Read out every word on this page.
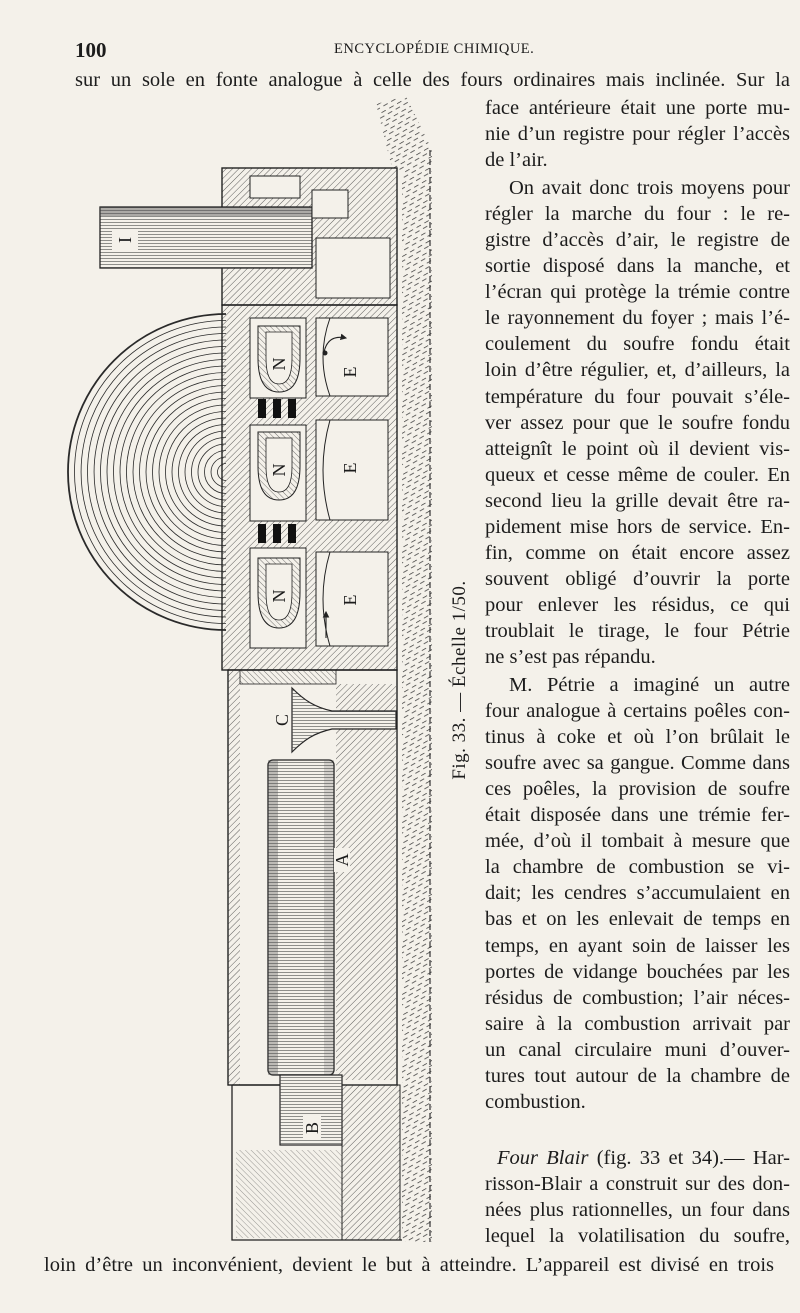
100	ENCYCLOPÉDIE CHIMIQUE.
sur un sole en fonte analogue à celle des fours ordinaires mais inclinée. Sur la
I
N
N
N
E
E
E
C
A
B
Fig. 33. — Échelle 1/50.
face antérieure était une porte mu-
nie d’un registre pour régler l’accès
de l’air.
On avait donc trois moyens pour
régler la marche du four : le re-
gistre d’accès d’air, le registre de
sortie disposé dans la manche, et
l’écran qui protège la trémie contre
le rayonnement du foyer ; mais l’é-
coulement du soufre fondu était
loin d’être régulier, et, d’ailleurs, la
température du four pouvait s’éle-
ver assez pour que le soufre fondu
atteignît le point où il devient vis-
queux et cesse même de couler. En
second lieu la grille devait être ra-
pidement mise hors de service. En-
fin, comme on était encore assez
souvent obligé d’ouvrir la porte
pour enlever les résidus, ce qui
troublait le tirage, le four Pétrie
ne s’est pas répandu.
M. Pétrie a imaginé un autre
four analogue à certains poêles con-
tinus à coke et où l’on brûlait le
soufre avec sa gangue. Comme dans
ces poêles, la provision de soufre
était disposée dans une trémie fer-
mée, d’où il tombait à mesure que
la chambre de combustion se vi-
dait; les cendres s’accumulaient en
bas et on les enlevait de temps en
temps, en ayant soin de laisser les
portes de vidange bouchées par les
résidus de combustion; l’air néces-
saire à la combustion arrivait par
un canal circulaire muni d’ouver-
tures tout autour de la chambre de
combustion.
Four Blair (fig. 33 et 34).— Har-
risson-Blair a construit sur des don-
nées plus rationnelles, un four dans
lequel la volatilisation du soufre,
loin d’être un inconvénient, devient le but à atteindre. L’appareil est divisé en trois
